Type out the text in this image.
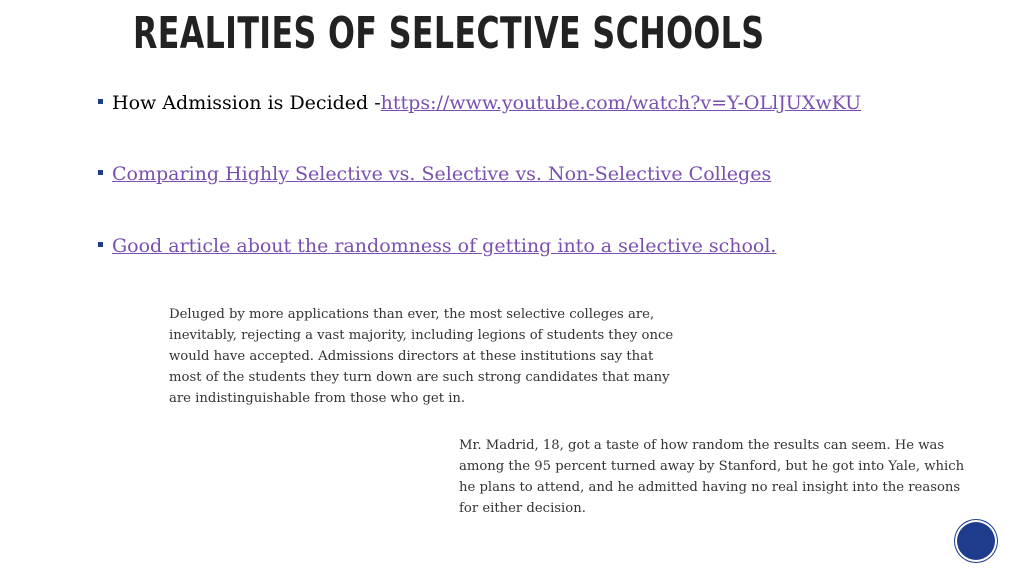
REALITIES OF SELECTIVE SCHOOLS
How Admission is Decided - https://www.youtube.com/watch?v=Y-OLlJUXwKU
Comparing Highly Selective vs. Selective vs. Non-Selective Colleges
Good article about the randomness of getting into a selective school.
Deluged by more applications than ever, the most selective colleges are,
inevitably, rejecting a vast majority, including legions of students they once
would have accepted. Admissions directors at these institutions say that
most of the students they turn down are such strong candidates that many
are indistinguishable from those who get in.
Mr. Madrid, 18, got a taste of how random the results can seem. He was
among the 95 percent turned away by Stanford, but he got into Yale, which
he plans to attend, and he admitted having no real insight into the reasons
for either decision.
